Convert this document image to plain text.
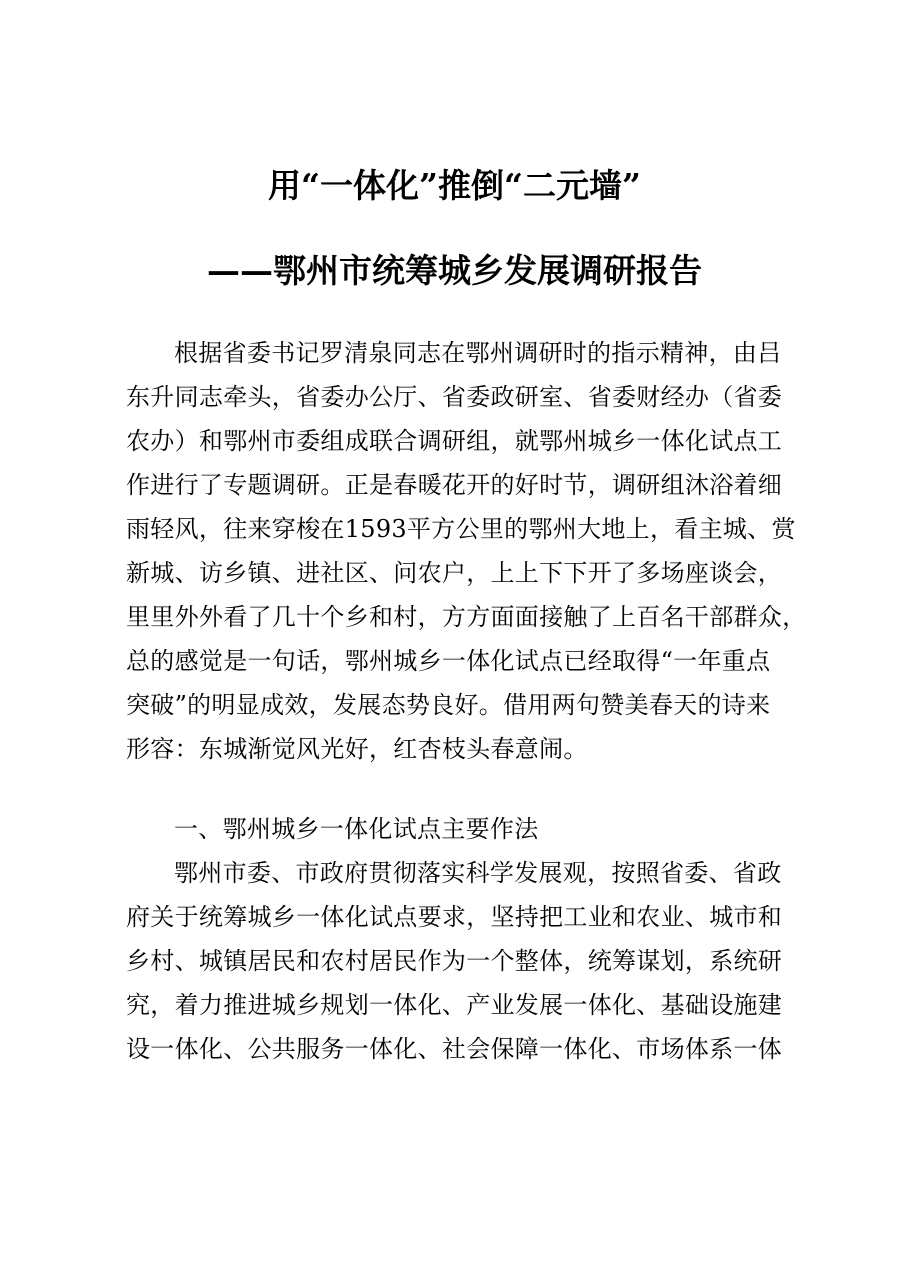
用“一体化”推倒“二元墙”
——鄂州市统筹城乡发展调研报告
根据省委书记罗清泉同志在鄂州调研时的指示精神，由吕
东升同志牵头，省委办公厅、省委政研室、省委财经办（省委
农办）和鄂州市委组成联合调研组，就鄂州城乡一体化试点工
作进行了专题调研。正是春暖花开的好时节，调研组沐浴着细
雨轻风，往来穿梭在1593平方公里的鄂州大地上，看主城、赏
新城、访乡镇、进社区、问农户，上上下下开了多场座谈会，
里里外外看了几十个乡和村，方方面面接触了上百名干部群众，
总的感觉是一句话，鄂州城乡一体化试点已经取得“一年重点
突破”的明显成效，发展态势良好。借用两句赞美春天的诗来
形容：东城渐觉风光好，红杏枝头春意闹。
一、鄂州城乡一体化试点主要作法
鄂州市委、市政府贯彻落实科学发展观，按照省委、省政
府关于统筹城乡一体化试点要求，坚持把工业和农业、城市和
乡村、城镇居民和农村居民作为一个整体，统筹谋划，系统研
究，着力推进城乡规划一体化、产业发展一体化、基础设施建
设一体化、公共服务一体化、社会保障一体化、市场体系一体
